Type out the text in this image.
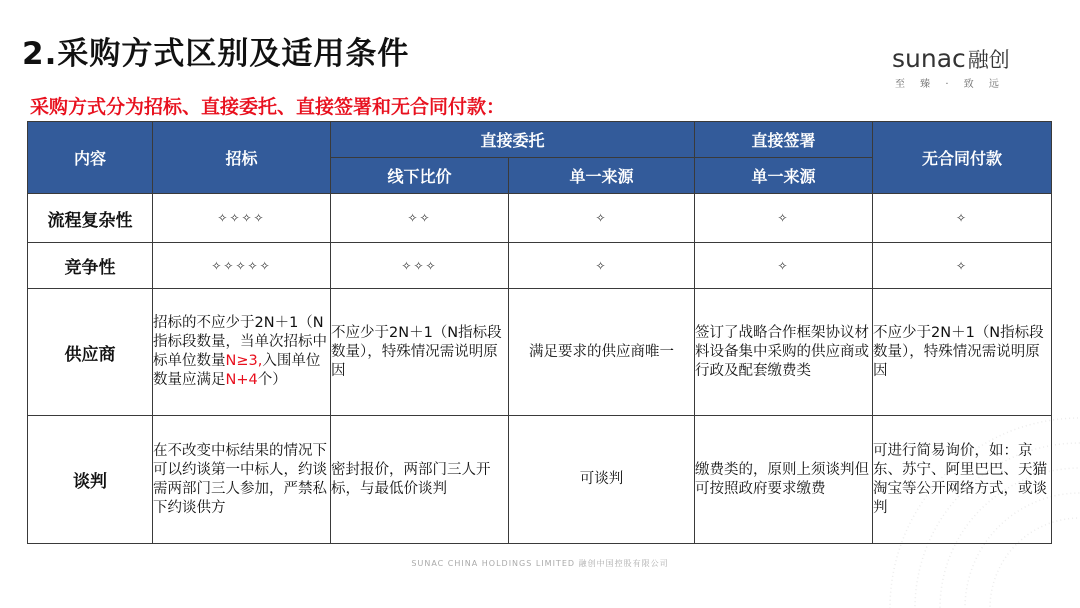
2.采购方式区别及适用条件	sunac融创
至 臻 · 致 远
采购方式分为招标、直接委托、直接签署和无合同付款：
内容	招标	直接委托		直接签署	无合同付款
		线下比价	单一来源	单一来源	
流程复杂性	✧✧✧✧	✧✧	✧	✧	✧
竞争性	✧✧✧✧✧	✧✧✧	✧	✧	✧
供应商	招标的不应少于2N＋1（N指标段数量，当单次招标中标单位数量N≥3,入围单位数量应满足N+4个）	不应少于2N＋1（N指标段数量），特殊情况需说明原因	满足要求的供应商唯一	签订了战略合作框架协议材料设备集中采购的供应商或行政及配套缴费类	不应少于2N＋1（N指标段数量），特殊情况需说明原因
谈判	在不改变中标结果的情况下可以约谈第一中标人，约谈需两部门三人参加，严禁私下约谈供方	密封报价，两部门三人开标，与最低价谈判	可谈判	缴费类的，原则上须谈判但可按照政府要求缴费	可进行简易询价，如：京东、苏宁、阿里巴巴、天猫淘宝等公开网络方式，或谈判
SUNAC CHINA HOLDINGS LIMITED 融创中国控股有限公司
